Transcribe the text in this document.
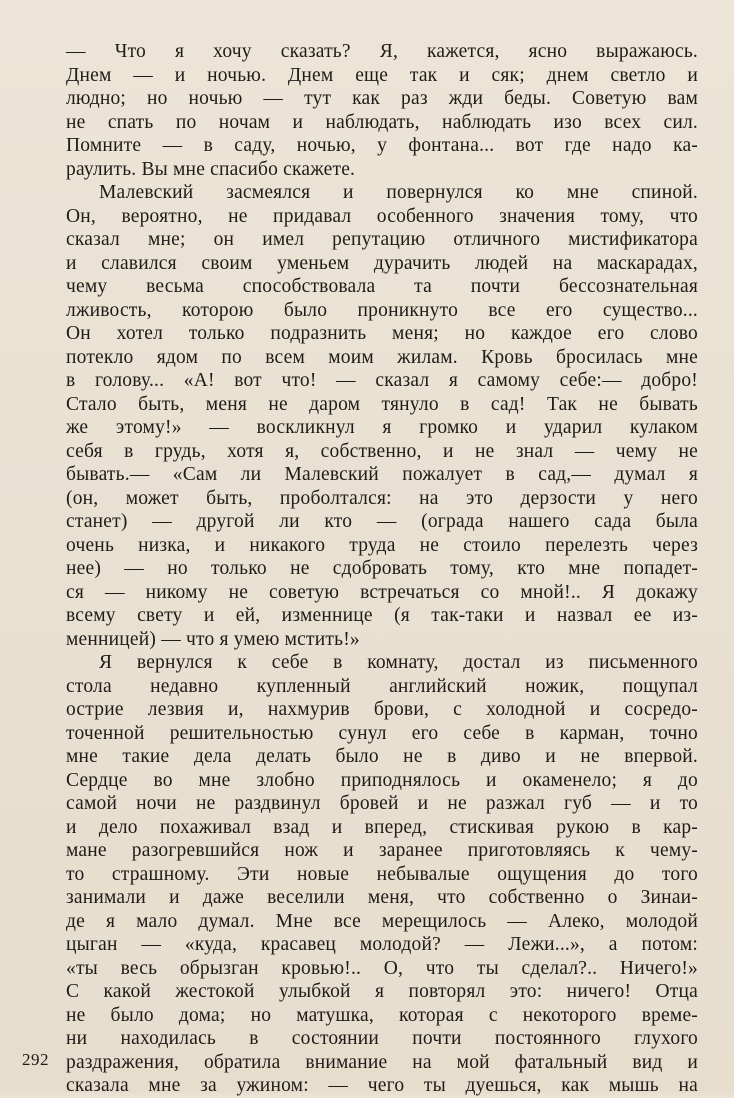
— Что я хочу сказать? Я, кажется, ясно выражаюсь.
Днем — и ночью. Днем еще так и сяк; днем светло и
людно; но ночью — тут как раз жди беды. Советую вам
не спать по ночам и наблюдать, наблюдать изо всех сил.
Помните — в саду, ночью, у фонтана... вот где надо ка-
раулить. Вы мне спасибо скажете.
Малевский засмеялся и повернулся ко мне спиной.
Он, вероятно, не придавал особенного значения тому, что
сказал мне; он имел репутацию отличного мистификатора
и славился своим уменьем дурачить людей на маскарадах,
чему весьма способствовала та почти бессознательная
лживость, которою было проникнуто все его существо...
Он хотел только подразнить меня; но каждое его слово
потекло ядом по всем моим жилам. Кровь бросилась мне
в голову... «А! вот что! — сказал я самому себе:— добро!
Стало быть, меня не даром тянуло в сад! Так не бывать
же этому!» — воскликнул я громко и ударил кулаком
себя в грудь, хотя я, собственно, и не знал — чему не
бывать.— «Сам ли Малевский пожалует в сад,— думал я
(он, может быть, проболтался: на это дерзости у него
станет) — другой ли кто — (ограда нашего сада была
очень низка, и никакого труда не стоило перелезть через
нее) — но только не сдобровать тому, кто мне попадет-
ся — никому не советую встречаться со мной!.. Я докажу
всему свету и ей, изменнице (я так-таки и назвал ее из-
менницей) — что я умею мстить!»
Я вернулся к себе в комнату, достал из письменного
стола недавно купленный английский ножик, пощупал
острие лезвия и, нахмурив брови, с холодной и сосредо-
точенной решительностью сунул его себе в карман, точно
мне такие дела делать было не в диво и не впервой.
Сердце во мне злобно приподнялось и окаменело; я до
самой ночи не раздвинул бровей и не разжал губ — и то
и дело похаживал взад и вперед, стискивая рукою в кар-
мане разогревшийся нож и заранее приготовляясь к чему-
то страшному. Эти новые небывалые ощущения до того
занимали и даже веселили меня, что собственно о Зинаи-
де я мало думал. Мне все мерещилось — Алеко, молодой
цыган — «куда, красавец молодой? — Лежи...», а потом:
«ты весь обрызган кровью!.. О, что ты сделал?.. Ничего!»
С какой жестокой улыбкой я повторял это: ничего! Отца
не было дома; но матушка, которая с некоторого време-
ни находилась в состоянии почти постоянного глухого
раздражения, обратила внимание на мой фатальный вид и
сказала мне за ужином: — чего ты дуешься, как мышь на
292
